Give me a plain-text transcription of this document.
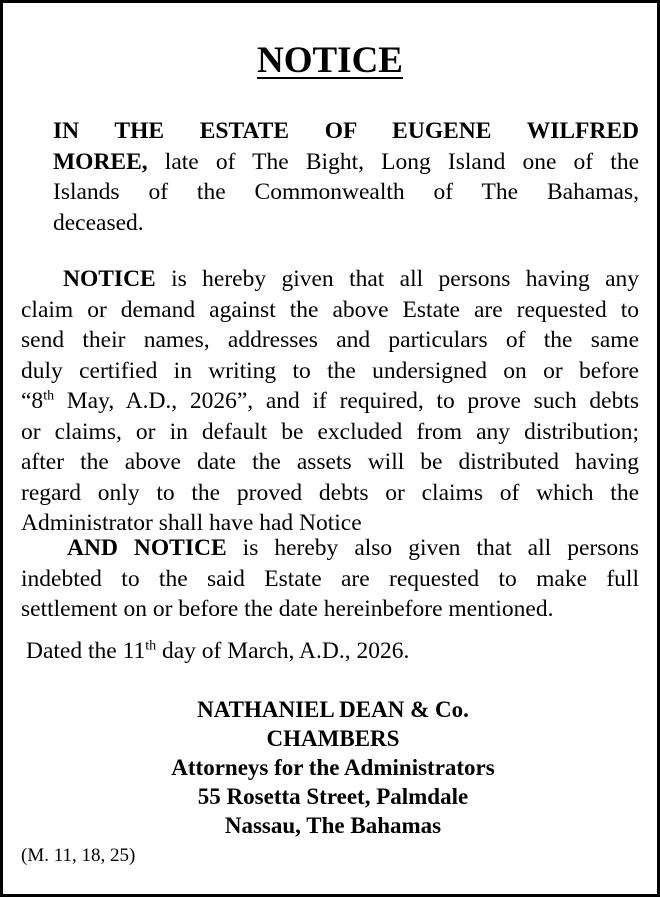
NOTICE
IN THE ESTATE OF EUGENE WILFRED
MOREE, late of The Bight, Long Island one of the
Islands of the Commonwealth of The Bahamas,
deceased.
NOTICE is hereby given that all persons having any
claim or demand against the above Estate are requested to
send their names, addresses and particulars of the same
duly certified in writing to the undersigned on or before
“8th May, A.D., 2026”, and if required, to prove such debts
or claims, or in default be excluded from any distribution;
after the above date the assets will be distributed having
regard only to the proved debts or claims of which the
Administrator shall have had Notice
AND NOTICE is hereby also given that all persons
indebted to the said Estate are requested to make full
settlement on or before the date hereinbefore mentioned.
Dated the 11th day of March, A.D., 2026.
NATHANIEL DEAN & Co.
CHAMBERS
Attorneys for the Administrators
55 Rosetta Street, Palmdale
Nassau, The Bahamas
(M. 11, 18, 25)
